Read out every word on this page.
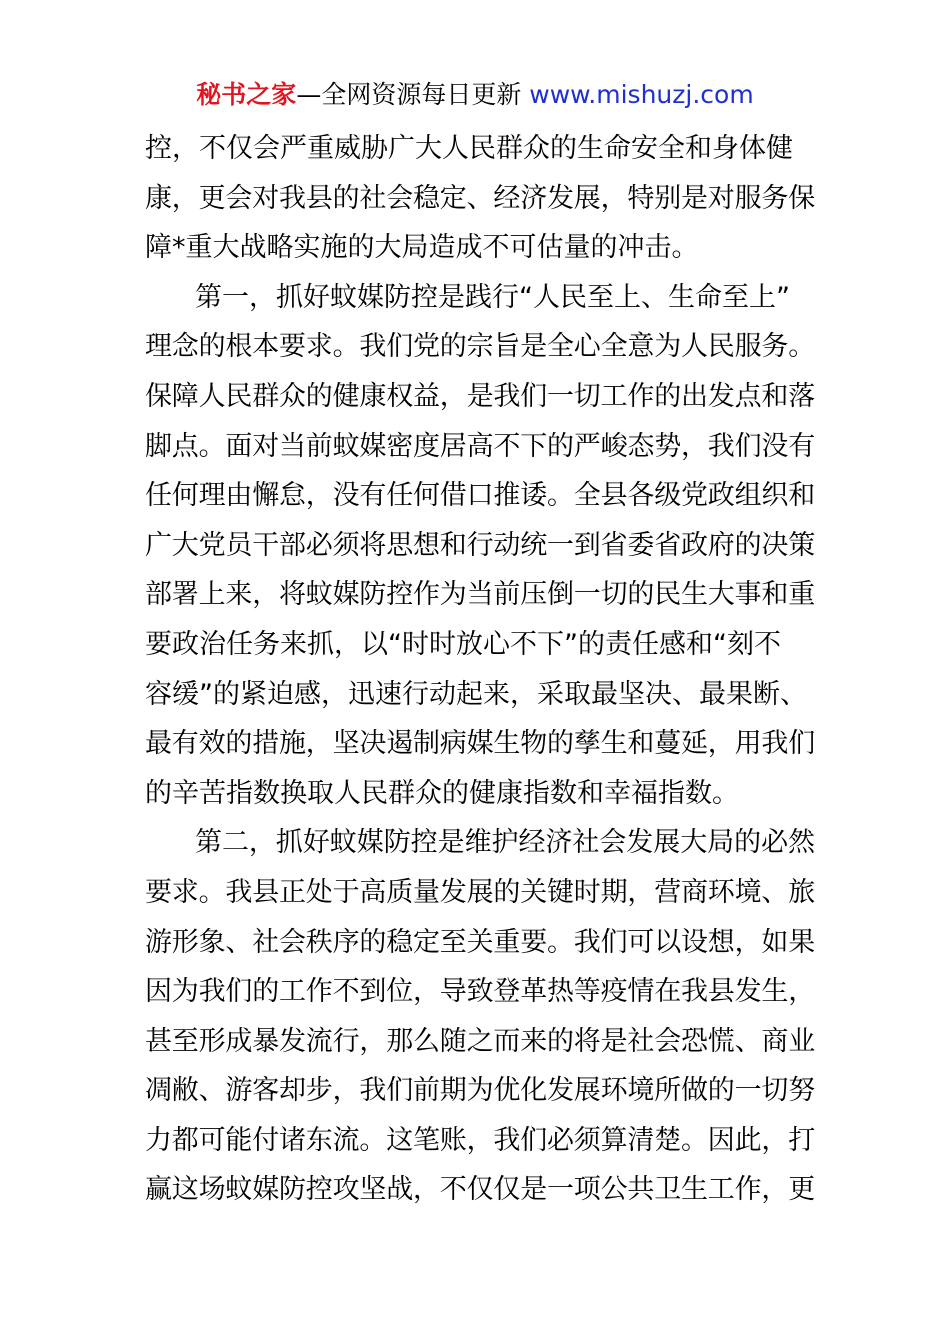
秘书之家—全网资源每日更新 www.mishuzj.com
控，不仅会严重威胁广大人民群众的生命安全和身体健
康，更会对我县的社会稳定、经济发展，特别是对服务保
障*重大战略实施的大局造成不可估量的冲击。
第一，抓好蚊媒防控是践行“人民至上、生命至上”
理念的根本要求。我们党的宗旨是全心全意为人民服务。
保障人民群众的健康权益，是我们一切工作的出发点和落
脚点。面对当前蚊媒密度居高不下的严峻态势，我们没有
任何理由懈怠，没有任何借口推诿。全县各级党政组织和
广大党员干部必须将思想和行动统一到省委省政府的决策
部署上来，将蚊媒防控作为当前压倒一切的民生大事和重
要政治任务来抓，以“时时放心不下”的责任感和“刻不
容缓”的紧迫感，迅速行动起来，采取最坚决、最果断、
最有效的措施，坚决遏制病媒生物的孳生和蔓延，用我们
的辛苦指数换取人民群众的健康指数和幸福指数。
第二，抓好蚊媒防控是维护经济社会发展大局的必然
要求。我县正处于高质量发展的关键时期，营商环境、旅
游形象、社会秩序的稳定至关重要。我们可以设想，如果
因为我们的工作不到位，导致登革热等疫情在我县发生，
甚至形成暴发流行，那么随之而来的将是社会恐慌、商业
凋敝、游客却步，我们前期为优化发展环境所做的一切努
力都可能付诸东流。这笔账，我们必须算清楚。因此，打
赢这场蚊媒防控攻坚战，不仅仅是一项公共卫生工作，更
